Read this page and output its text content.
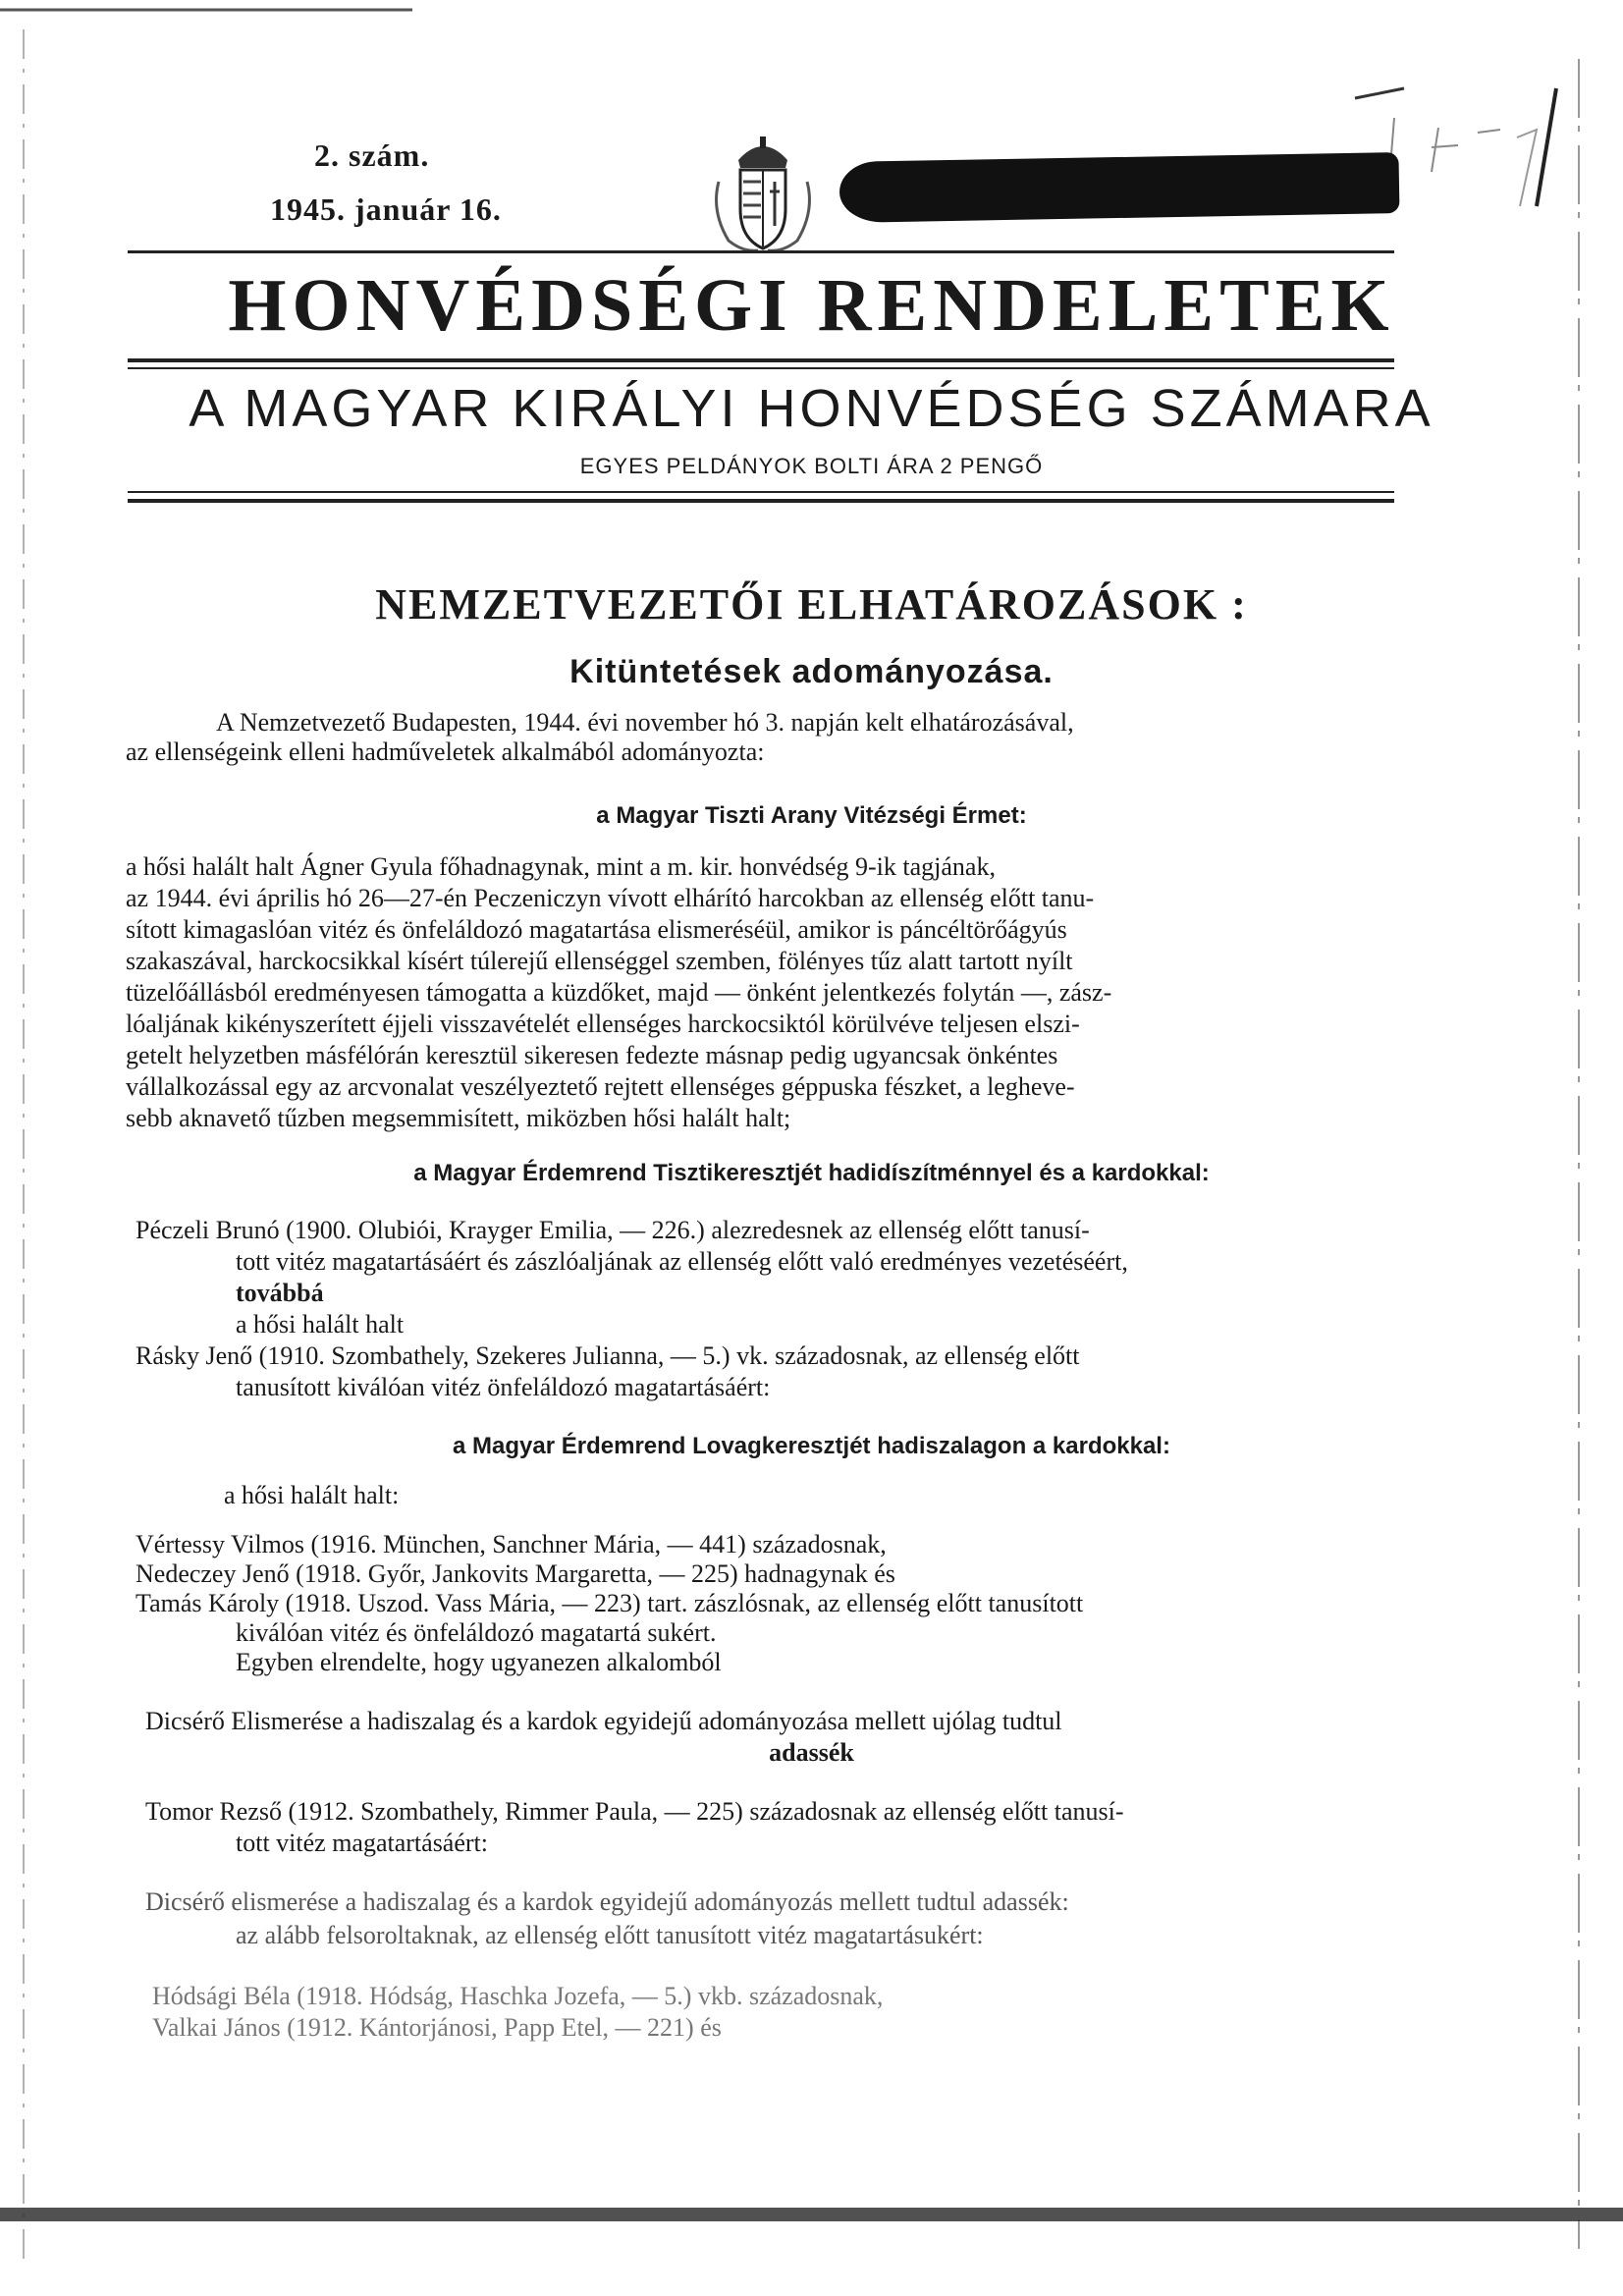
2. szám.
1945. január 16.
HONVÉDSÉGI RENDELETEK
A MAGYAR KIRÁLYI HONVÉDSÉG SZÁMARA
EGYES PELDÁNYOK BOLTI ÁRA 2 PENGŐ
NEMZETVEZETŐI ELHATÁROZÁSOK :
Kitüntetések adományozása.
A Nemzetvezető Budapesten, 1944. évi november hó 3. napján kelt elhatározásával,
az ellenségeink elleni hadműveletek alkalmából adományozta:
a Magyar Tiszti Arany Vitézségi Érmet:
a hősi halált halt Ágner Gyula főhadnagynak, mint a m. kir. honvédség 9-ik tagjának,
az 1944. évi április hó 26—27-én Peczeniczyn vívott elhárító harcokban az ellenség előtt tanu-
sított kimagaslóan vitéz és önfeláldozó magatartása elismeréséül, amikor is páncéltörőágyús
szakaszával, harckocsikkal kísért túlerejű ellenséggel szemben, fölényes tűz alatt tartott nyílt
tüzelőállásból eredményesen támogatta a küzdőket, majd — önként jelentkezés folytán —, zász-
lóaljának kikényszerített éjjeli visszavételét ellenséges harckocsiktól körülvéve teljesen elszi-
getelt helyzetben másfélórán keresztül sikeresen fedezte másnap pedig ugyancsak önkéntes
vállalkozással egy az arcvonalat veszélyeztető rejtett ellenséges géppuska fészket, a leghevе-
sebb aknavető tűzben megsemmisített, miközben hősi halált halt;
a Magyar Érdemrend Tisztikeresztjét hadidíszítménnyel és a kardokkal:
Péczeli Brunó (1900. Olubiói, Krayger Emilia, — 226.) alezredesnek az ellenség előtt tanusí-
tott vitéz magatartásáért és zászlóaljának az ellenség előtt való eredményes vezetéséért,
továbbá
a hősi halált halt
Rásky Jenő (1910. Szombathely, Szekeres Julianna, — 5.) vk. századosnak, az ellenség előtt
tanusított kiválóan vitéz önfeláldozó magatartásáért:
a Magyar Érdemrend Lovagkeresztjét hadiszalagon a kardokkal:
a hősi halált halt:
Vértessy Vilmos (1916. München, Sanchner Mária, — 441) századosnak,
Nedeczey Jenő (1918. Győr, Jankovits Margaretta, — 225) hadnagynak és
Tamás Károly (1918. Uszod. Vass Mária, — 223) tart. zászlósnak, az ellenség előtt tanusított
kiválóan vitéz és önfeláldozó magatartá sukért.
Egyben elrendelte, hogy ugyanezen alkalomból
Dicsérő Elismerése a hadiszalag és a kardok egyidejű adományozása mellett ujólag tudtul
adassék
Tomor Rezső (1912. Szombathely, Rimmer Paula, — 225) századosnak az ellenség előtt tanusí-
tott vitéz magatartásáért:
Dicsérő elismerése a hadiszalag és a kardok egyidejű adományozás mellett tudtul adassék:
az alább felsoroltaknak, az ellenség előtt tanusított vitéz magatartásukért:
Hódsági Béla (1918. Hódság, Haschka Jozefa, — 5.) vkb. századosnak,
Valkai János (1912. Kántorjánosi, Papp Etel, — 221) és
